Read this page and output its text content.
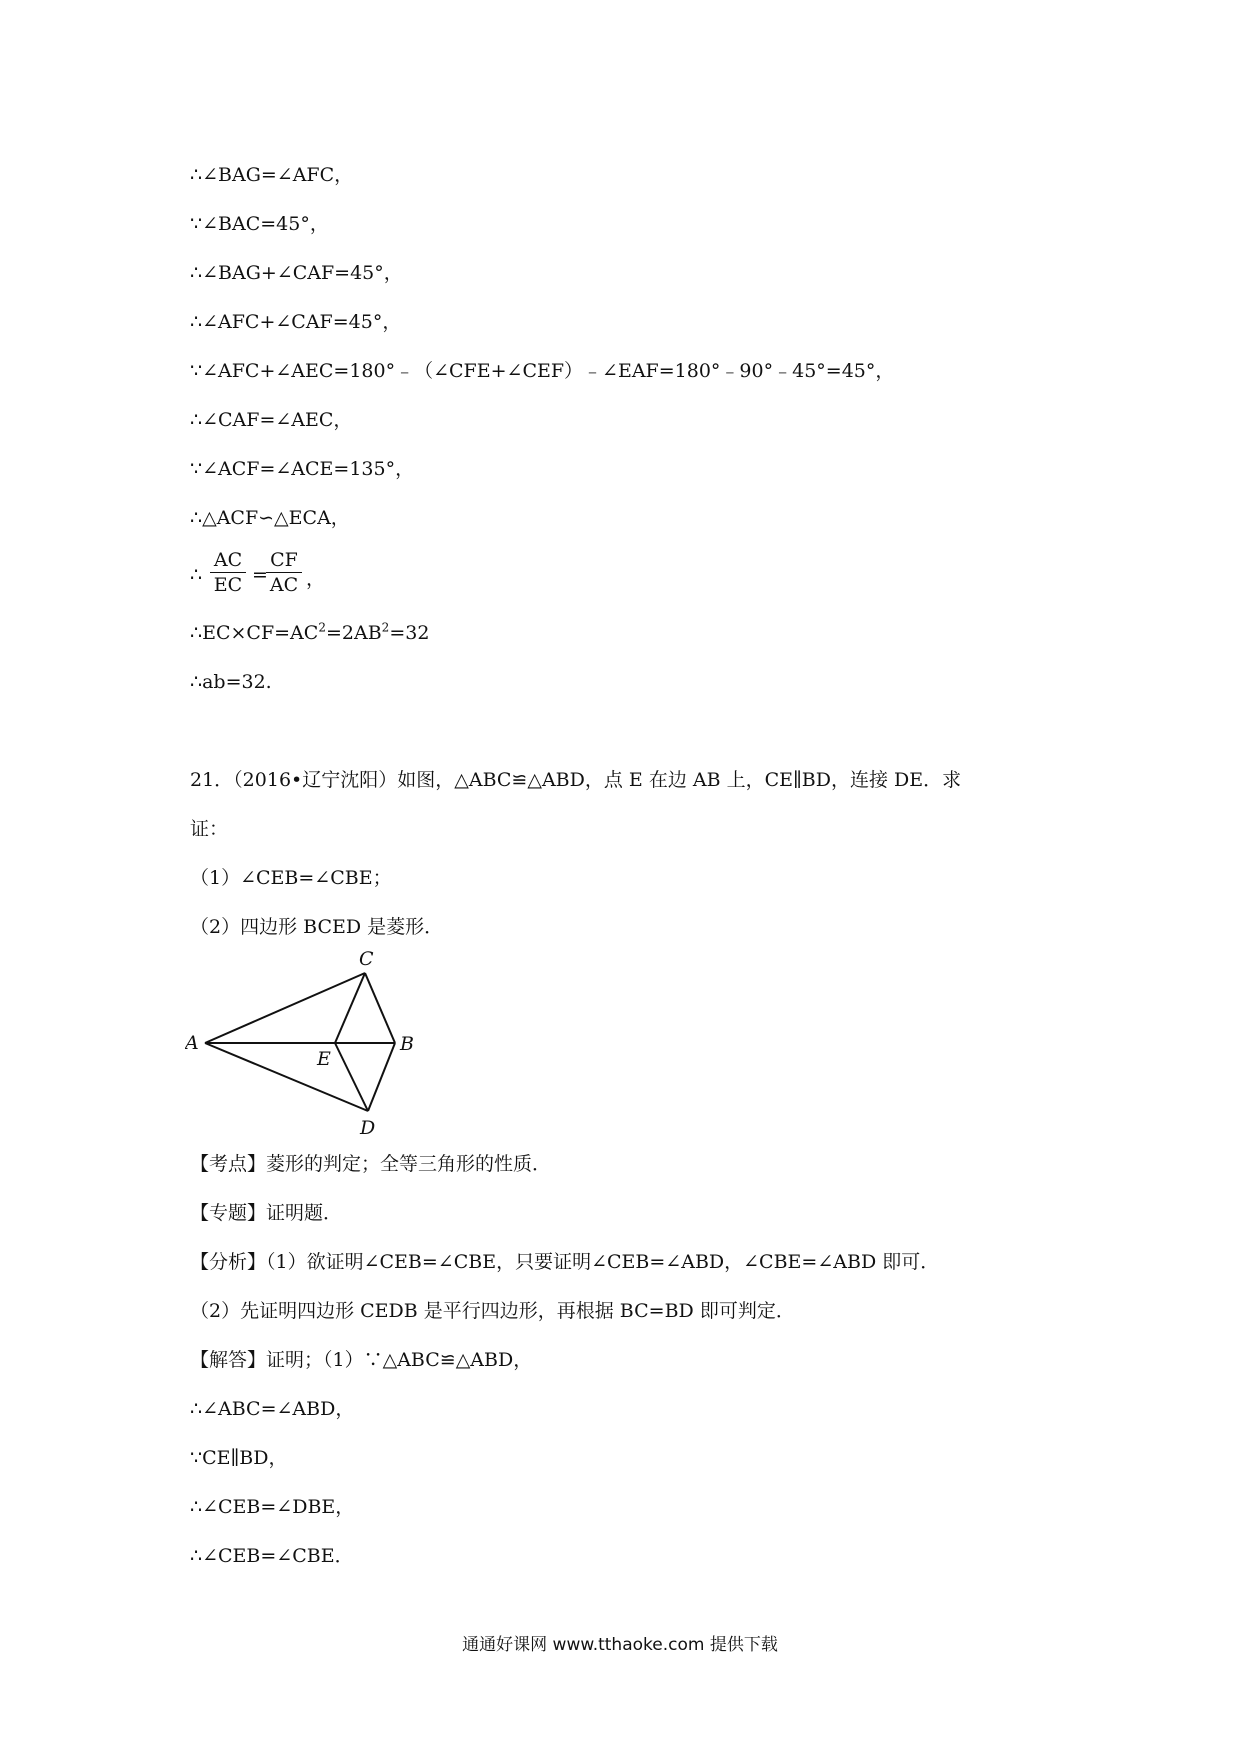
∴∠BAG=∠AFC，
∵∠BAC=45°，
∴∠BAG+∠CAF=45°，
∴∠AFC+∠CAF=45°，
∵∠AFC+∠AEC=180°﹣（∠CFE+∠CEF）﹣∠EAF=180°﹣90°﹣45°=45°，
∴∠CAF=∠AEC，
∵∠ACF=∠ACE=135°，
∴△ACF∽△ECA，
∴
AC
EC =
CF
AC ，
$\therefore EC\times CF=AC^2=2AB^2=32$
∴ab=32.
21．（2016•辽宁沈阳）如图，△ABC≌△ABD，点 E 在边 AB 上，CE∥BD，连接 DE．求
证：
（1）∠CEB=∠CBE；
（2）四边形 BCED 是菱形．
A	B
C
D
E
【考点】菱形的判定；全等三角形的性质．
【专题】证明题．
【分析】（1）欲证明∠CEB=∠CBE，只要证明∠CEB=∠ABD，∠CBE=∠ABD 即可．
（2）先证明四边形 CEDB 是平行四边形，再根据 BC=BD 即可判定．
【解答】证明；（1）∵△ABC≌△ABD，
∴∠ABC=∠ABD，
∵CE∥BD，
∴∠CEB=∠DBE，
∴∠CEB=∠CBE．
通通好课网 www.tthaoke.com 提供下载
